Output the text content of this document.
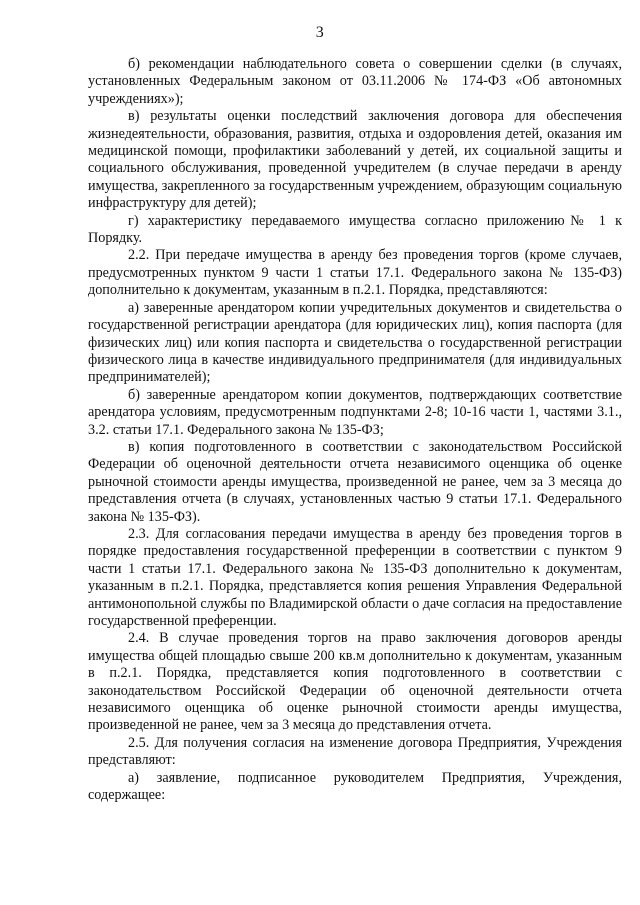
3

б) рекомендации наблюдательного совета о совершении сделки (в случаях, установленных Федеральным законом от 03.11.2006 № 174-ФЗ «Об автономных учреждениях»);

в) результаты оценки последствий заключения договора для обеспечения жизнедеятельности, образования, развития, отдыха и оздоровления детей, оказания им медицинской помощи, профилактики заболеваний у детей, их социальной защиты и социального обслуживания, проведенной учредителем (в случае передачи в аренду имущества, закрепленного за государственным учреждением, образующим социальную инфраструктуру для детей);

г) характеристику передаваемого имущества согласно приложению№ 1 к Порядку.

2.2. При передаче имущества в аренду без проведения торгов (кроме случаев, предусмотренных пунктом 9 части 1 статьи 17.1. Федерального закона № 135-ФЗ) дополнительно к документам, указанным в п.2.1. Порядка, представляются:

а) заверенные арендатором копии учредительных документов и свидетельства о государственной регистрации арендатора (для юридических лиц), копия паспорта (для физических лиц) или копия паспорта и свидетельства о государственной регистрации физического лица в качестве индивидуального предпринимателя (для индивидуальных предпринимателей);

б) заверенные арендатором копии документов, подтверждающих соответствие арендатора условиям, предусмотренным подпунктами 2-8; 10-16 части 1, частями 3.1., 3.2. статьи 17.1. Федерального закона № 135-ФЗ;

в) копия подготовленного в соответствии с законодательством Российской Федерации об оценочной деятельности отчета независимого оценщика об оценке рыночной стоимости аренды имущества, произведенной не ранее, чем за 3 месяца до представления отчета (в случаях, установленных частью 9 статьи 17.1. Федерального закона № 135-ФЗ).

2.3. Для согласования передачи имущества в аренду без проведения торгов в порядке предоставления государственной преференции в соответствии с пунктом 9 части 1 статьи 17.1. Федерального закона № 135-ФЗ дополнительно к документам, указанным в п.2.1. Порядка, представляется копия решения Управления Федеральной антимонопольной службы по Владимирской области о даче согласия на предоставление государственной преференции.

2.4. В случае проведения торгов на право заключения договоров аренды имущества общей площадью свыше 200 кв.м дополнительно к документам, указанным в п.2.1. Порядка, представляется копия подготовленного в соответствии с законодательством Российской Федерации об оценочной деятельности отчета независимого оценщика об оценке рыночной стоимости аренды имущества, произведенной не ранее, чем за 3 месяца до представления отчета.

2.5. Для получения согласия на изменение договора Предприятия, Учреждения представляют:

а) заявление, подписанное руководителем Предприятия, Учреждения, содержащее:
